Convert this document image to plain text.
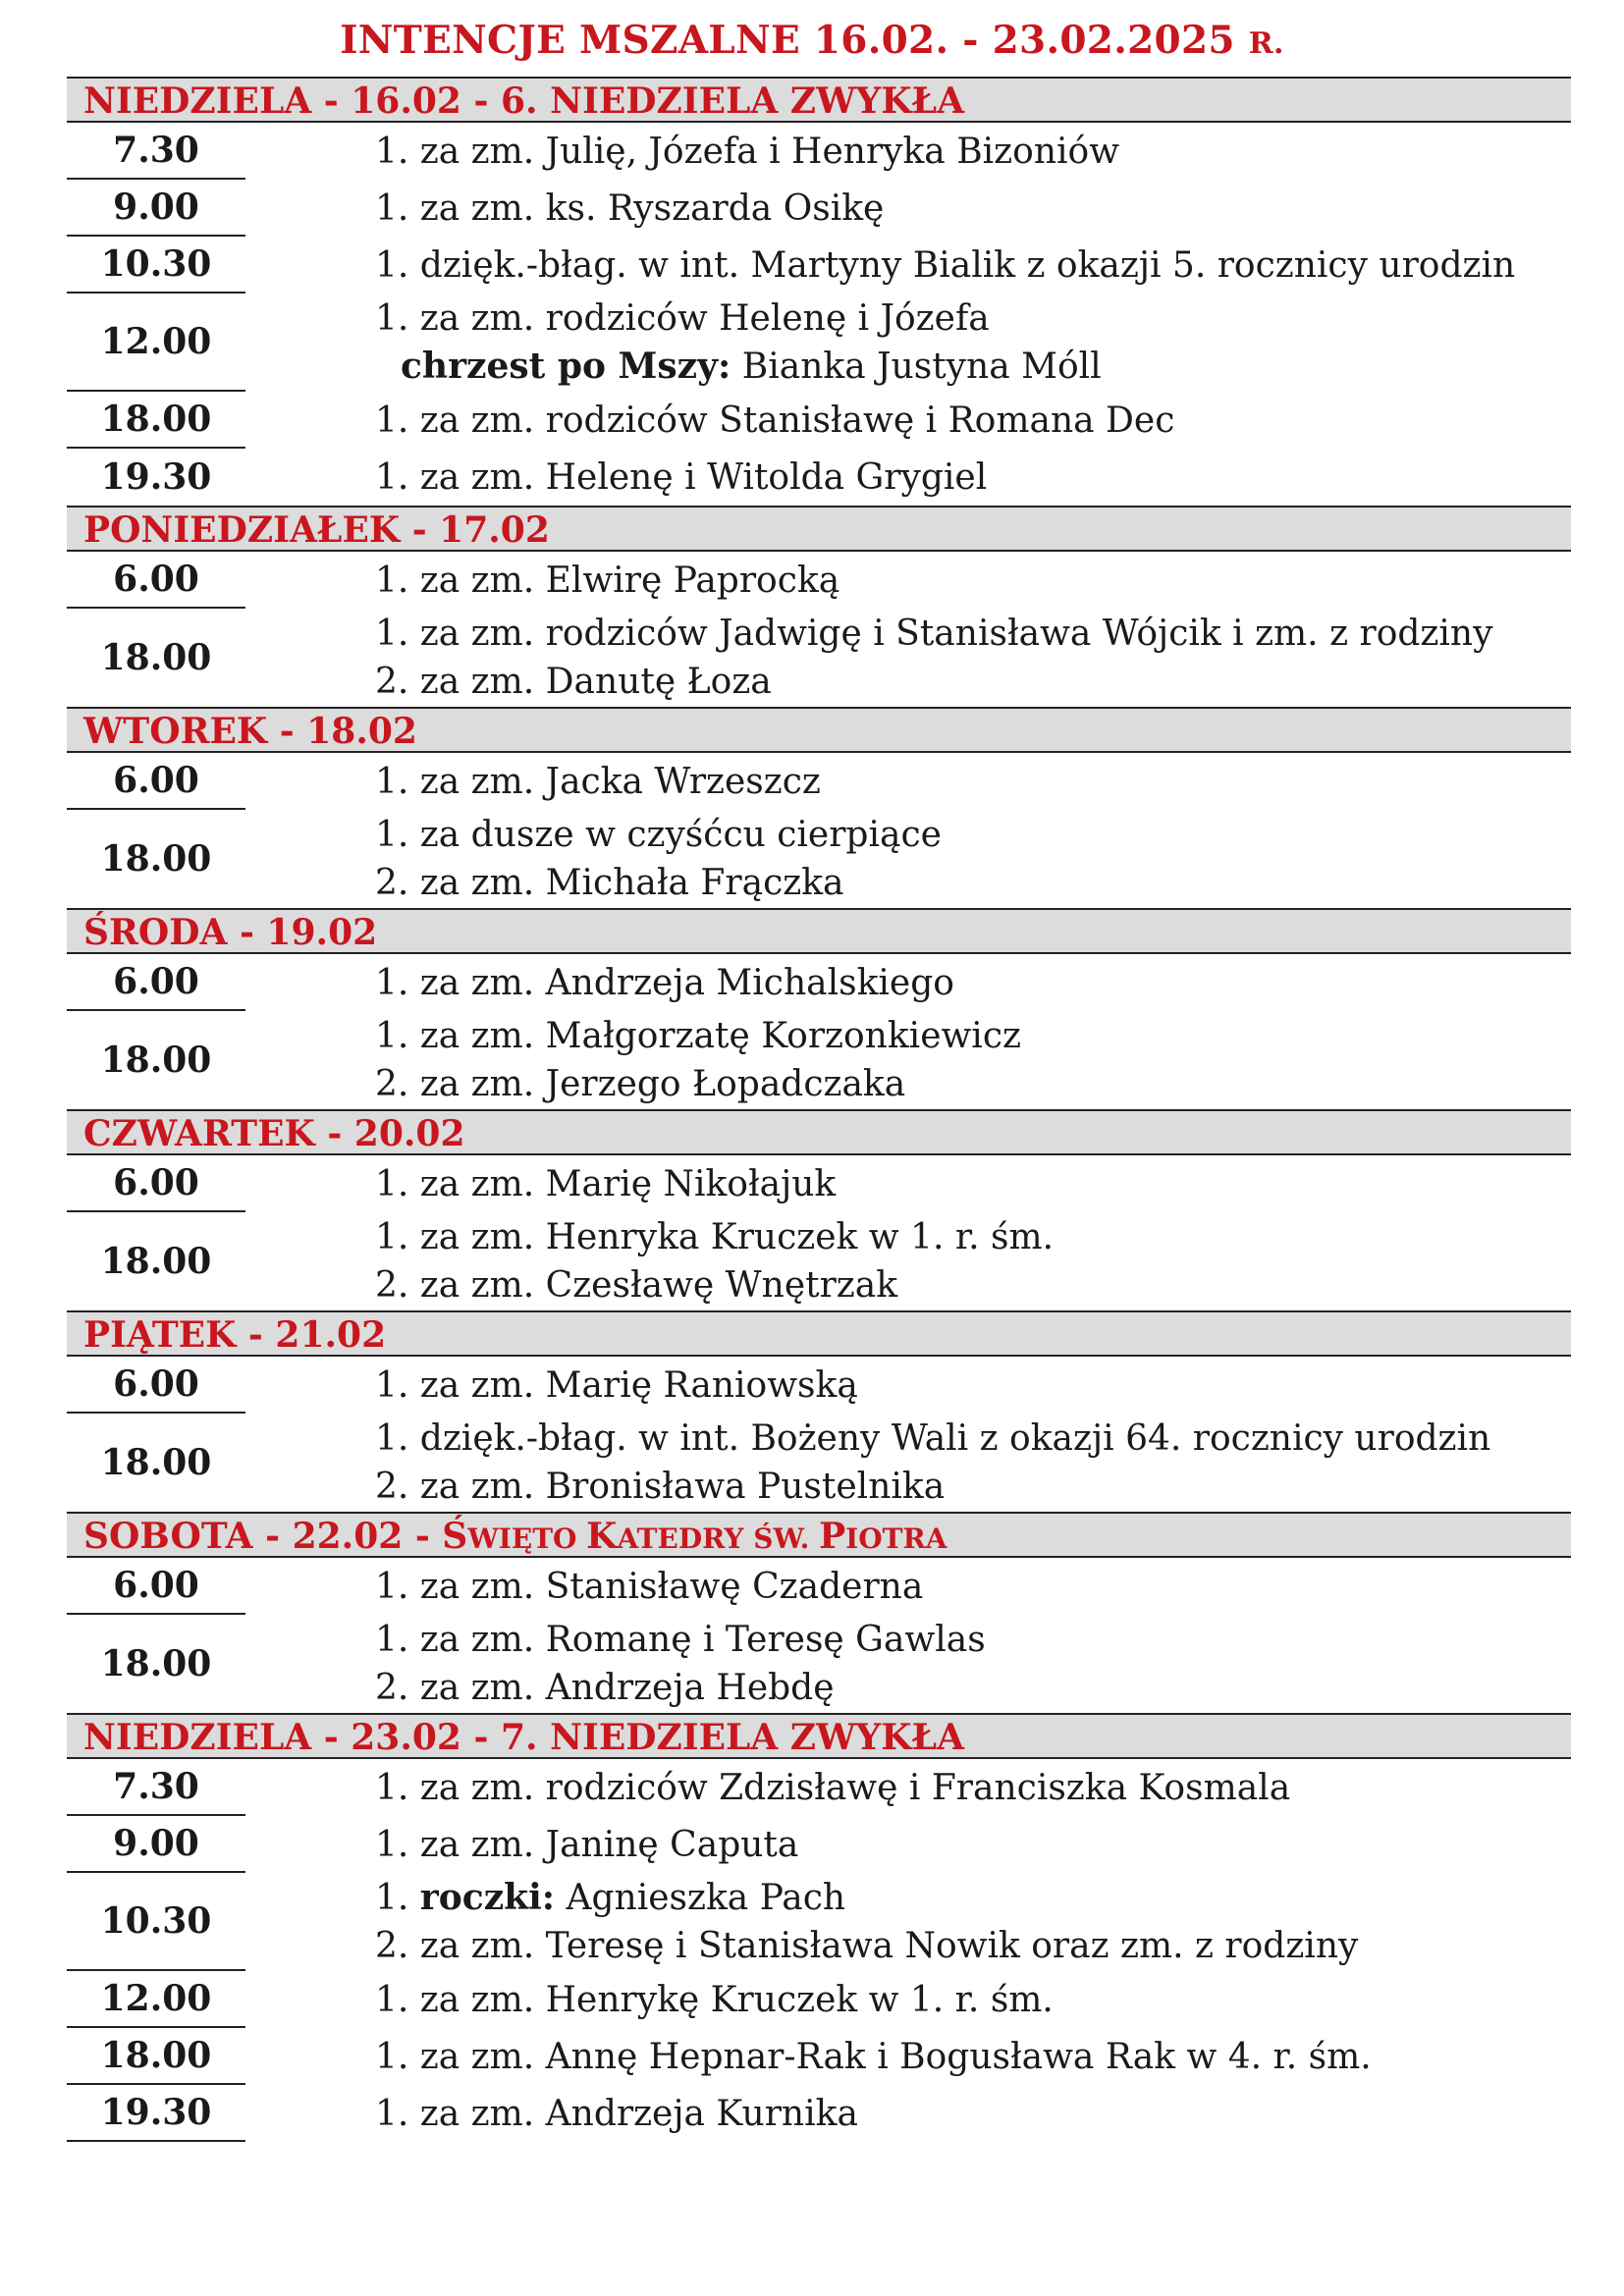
INTENCJE MSZALNE 16.02. - 23.02.2025 R.
NIEDZIELA - 16.02 - 6. NIEDZIELA ZWYKŁA
7.30	1. za zm. Julię, Józefa i Henryka Bizoniów
9.00	1. za zm. ks. Ryszarda Osikę
10.30	1. dzięk.-błag. w int. Martyny Bialik z okazji 5. rocznicy urodzin
12.00
1. za zm. rodziców Helenę i Józefa
chrzest po Mszy: Bianka Justyna Móll
18.00	1. za zm. rodziców Stanisławę i Romana Dec
19.30	1. za zm. Helenę i Witolda Grygiel
PONIEDZIAŁEK - 17.02
6.00	1. za zm. Elwirę Paprocką
18.00
1. za zm. rodziców Jadwigę i Stanisława Wójcik i zm. z rodziny
2. za zm. Danutę Łoza
WTOREK - 18.02
6.00	1. za zm. Jacka Wrzeszcz
18.00
1. za dusze w czyśćcu cierpiące
2. za zm. Michała Frączka
ŚRODA - 19.02
6.00	1. za zm. Andrzeja Michalskiego
18.00
1. za zm. Małgorzatę Korzonkiewicz
2. za zm. Jerzego Łopadczaka
CZWARTEK - 20.02
6.00	1. za zm. Marię Nikołajuk
18.00
1. za zm. Henryka Kruczek w 1. r. śm.
2. za zm. Czesławę Wnętrzak
PIĄTEK - 21.02
6.00	1. za zm. Marię Raniowską
18.00
1. dzięk.-błag. w int. Bożeny Wali z okazji 64. rocznicy urodzin
2. za zm. Bronisława Pustelnika
SOBOTA - 22.02 - ŚWIĘTO KATEDRY ŚW. PIOTRA
6.00	1. za zm. Stanisławę Czaderna
18.00
1. za zm. Romanę i Teresę Gawlas
2. za zm. Andrzeja Hebdę
NIEDZIELA - 23.02 - 7. NIEDZIELA ZWYKŁA
7.30	1. za zm. rodziców Zdzisławę i Franciszka Kosmala
9.00	1. za zm. Janinę Caputa
10.30
1. roczki: Agnieszka Pach
2. za zm. Teresę i Stanisława Nowik oraz zm. z rodziny
12.00	1. za zm. Henrykę Kruczek w 1. r. śm.
18.00	1. za zm. Annę Hepnar-Rak i Bogusława Rak w 4. r. śm.
19.30	1. za zm. Andrzeja Kurnika
